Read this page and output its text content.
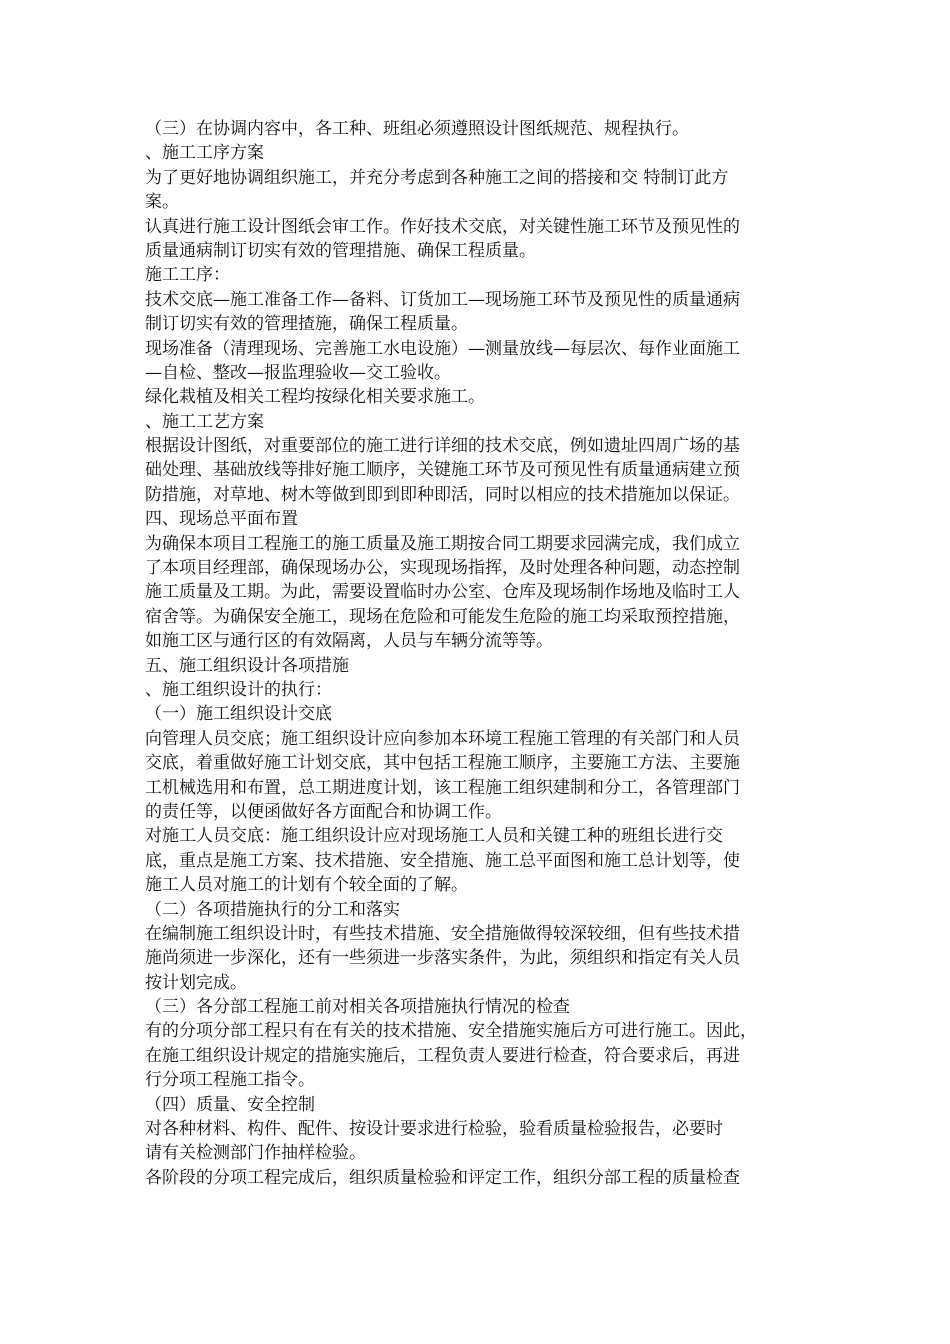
（三）在协调内容中，各工种、班组必须遵照设计图纸规范、规程执行。
、施工工序方案
为了更好地协调组织施工，并充分考虑到各种施工之间的搭接和交 特制订此方
案。
认真进行施工设计图纸会审工作。作好技术交底，对关键性施工环节及预见性的
质量通病制订切实有效的管理措施、确保工程质量。
施工工序：
技术交底—施工准备工作—备料、订货加工—现场施工环节及预见性的质量通病
制订切实有效的管理揸施，确保工程质量。
现场准备（清理现场、完善施工水电设施）—测量放线—每层次、每作业面施工
—自检、整改—报监理验收—交工验收。
绿化栽植及相关工程均按绿化相关要求施工。
、施工工艺方案
根据设计图纸，对重要部位的施工进行详细的技术交底，例如遗址四周广场的基
础处理、基础放线等排好施工顺序，关键施工环节及可预见性有质量通病建立预
防措施，对草地、树木等做到即到即种即活，同时以相应的技术措施加以保证。
四、现场总平面布置
为确保本项目工程施工的施工质量及施工期按合同工期要求园满完成，我们成立
了本项目经理部，确保现场办公，实现现场指挥，及时处理各种问题，动态控制
施工质量及工期。为此，需要设置临时办公室、仓库及现场制作场地及临时工人
宿舍等。为确保安全施工，现场在危险和可能发生危险的施工均采取预控措施，
如施工区与通行区的有效隔离，人员与车辆分流等等。
五、施工组织设计各项措施
、施工组织设计的执行：
（一）施工组织设计交底
向管理人员交底；施工组织设计应向参加本环境工程施工管理的有关部门和人员
交底，着重做好施工计划交底，其中包括工程施工顺序，主要施工方法、主要施
工机械选用和布置，总工期进度计划，该工程施工组织建制和分工，各管理部门
的责任等，以便函做好各方面配合和协调工作。
对施工人员交底：施工组织设计应对现场施工人员和关键工种的班组长进行交
底，重点是施工方案、技术措施、安全措施、施工总平面图和施工总计划等，使
施工人员对施工的计划有个较全面的了解。
（二）各项措施执行的分工和落实
在编制施工组织设计时，有些技术措施、安全措施做得较深较细，但有些技术措
施尚须进一步深化，还有一些须进一步落实条件，为此，须组织和指定有关人员
按计划完成。
（三）各分部工程施工前对相关各项措施执行情况的检查
有的分项分部工程只有在有关的技术措施、安全措施实施后方可进行施工。因此，
在施工组织设计规定的措施实施后，工程负责人要进行检查，符合要求后，再进
行分项工程施工指令。
（四）质量、安全控制
对各种材料、构件、配件、按设计要求进行检验，验看质量检验报告，必要时
请有关检测部门作抽样检验。
各阶段的分项工程完成后，组织质量检验和评定工作，组织分部工程的质量检查
